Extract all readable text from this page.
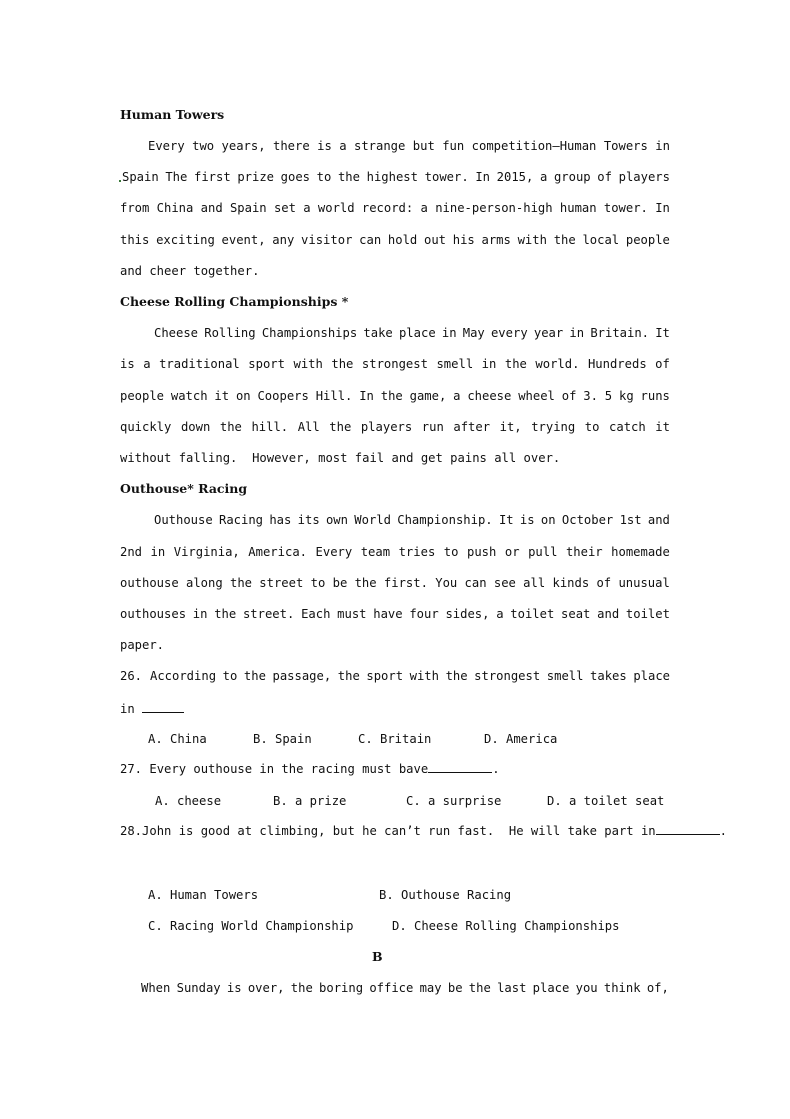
Human Towers
Every two years, there is a strange but fun competition—Human Towers in
Spain The first prize goes to the highest tower. In 2015, a group of players
from China and Spain set a world record: a nine-person-high human tower. In
this exciting event, any visitor can hold out his arms with the local people
and cheer together.
Cheese Rolling Championships *
Cheese Rolling Championships take place in May every year in Britain. It
is a traditional sport with the strongest smell in the world. Hundreds of
people watch it on Coopers Hill. In the game, a cheese wheel of 3. 5 kg runs
quickly down the hill. All the players run after it, trying to catch it
without falling.  However, most fail and get pains all over.
Outhouse* Racing
Outhouse Racing has its own World Championship. It is on October 1st and
2nd in Virginia, America. Every team tries to push or pull their homemade
outhouse along the street to be the first. You can see all kinds of unusual
outhouses in the street. Each must have four sides, a toilet seat and toilet
paper.
26. According to the passage, the sport with the strongest smell takes place
in
A. China	B. Spain	C. Britain	D. America
27. Every outhouse in the racing must bave	.
A. cheese	B. a prize	C. a surprise	D. a toilet seat
28.John is good at climbing, but he can’t run fast.  He will take part in	.
A. Human Towers	B. Outhouse Racing
C. Racing World Championship	D. Cheese Rolling Championships
B
When Sunday is over, the boring office may be the last place you think of,
